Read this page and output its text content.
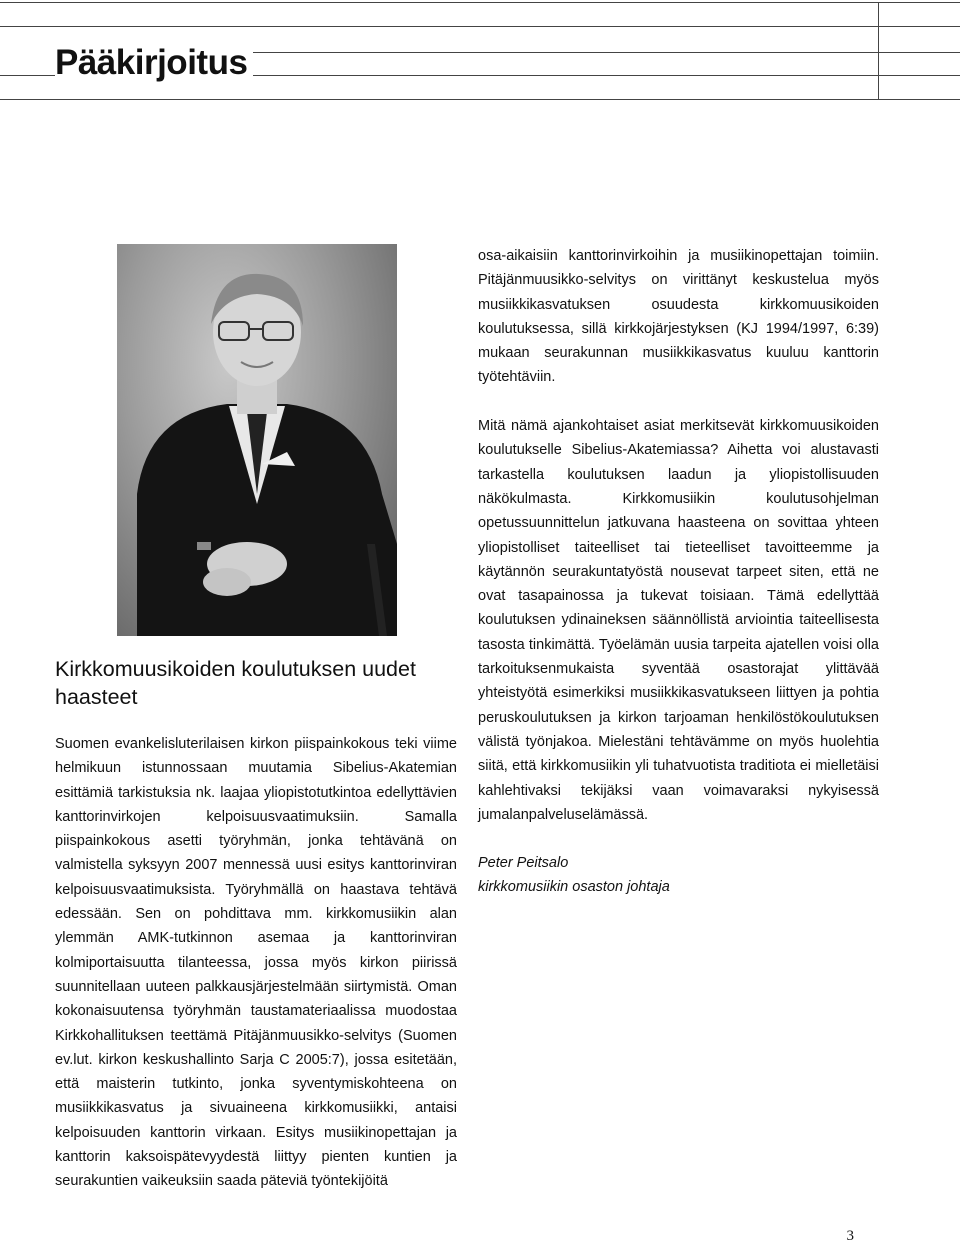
Pääkirjoitus
Kirkkomuusikoiden koulutuksen uudet haasteet

Suomen evankelisluterilaisen kirkon piispainkokous teki viime helmikuun istunnossaan muutamia Sibelius-Akatemian esittämiä tarkistuksia nk. laajaa yliopistotutkintoa edellyttävien kanttorinvirkojen kelpoisuusvaatimuksiin. Samalla piispainkokous asetti työryhmän, jonka tehtävänä on valmistella syksyyn 2007 mennessä uusi esitys kanttorinviran kelpoisuusvaatimuksista. Työryhmällä on haastava tehtävä edessään. Sen on pohdittava mm. kirkkomusiikin alan ylemmän AMK-tutkinnon asemaa ja kanttorinviran kolmiportaisuutta tilanteessa, jossa myös kirkon piirissä suunnitellaan uuteen palkkausjärjestelmään siirtymistä. Oman kokonaisuutensa työryhmän taustamateriaalissa muodostaa Kirkkohallituksen teettämä Pitäjänmuusikko-selvitys (Suomen ev.lut. kirkon keskushallinto Sarja C 2005:7), jossa esitetään, että maisterin tutkinto, jonka syventymiskohteena on musiikkikasvatus ja sivuaineena kirkkomusiikki, antaisi kelpoisuuden kanttorin virkaan. Esitys musiikinopettajan ja kanttorin kaksoispätevyydestä liittyy pienten kuntien ja seurakuntien vaikeuksiin saada päteviä työntekijöitä

osa-aikaisiin kanttorinvirkoihin ja musiikinopettajan toimiin. Pitäjänmuusikko-selvitys on virittänyt keskustelua myös musiikkikasvatuksen osuudesta kirkkomuusikoiden koulutuksessa, sillä kirkkojärjestyksen (KJ 1994/1997, 6:39) mukaan seurakunnan musiikkikasvatus kuuluu kanttorin työtehtäviin.

Mitä nämä ajankohtaiset asiat merkitsevät kirkkomuusikoiden koulutukselle Sibelius-Akatemiassa? Aihetta voi alustavasti tarkastella koulutuksen laadun ja yliopistollisuuden näkökulmasta. Kirkkomusiikin koulutusohjelman opetussuunnittelun jatkuvana haasteena on sovittaa yhteen yliopistolliset taiteelliset tai tieteelliset tavoitteemme ja käytännön seurakuntatyöstä nousevat tarpeet siten, että ne ovat tasapainossa ja tukevat toisiaan. Tämä edellyttää koulutuksen ydinaineksen säännöllistä arviointia taiteellisesta tasosta tinkimättä. Työelämän uusia tarpeita ajatellen voisi olla tarkoituksenmukaista syventää osastorajat ylittävää yhteistyötä esimerkiksi musiikkikasvatukseen liittyen ja pohtia peruskoulutuksen ja kirkon tarjoaman henkilöstökoulutuksen välistä työnjakoa. Mielestäni tehtävämme on myös huolehtia siitä, että kirkkomusiikin yli tuhatvuotista traditiota ei mielletäisi kahlehtivaksi tekijäksi vaan voimavaraksi nykyisessä jumalanpalveluselämässä.

Peter Peitsalo
kirkkomusiikin osaston johtaja

3
